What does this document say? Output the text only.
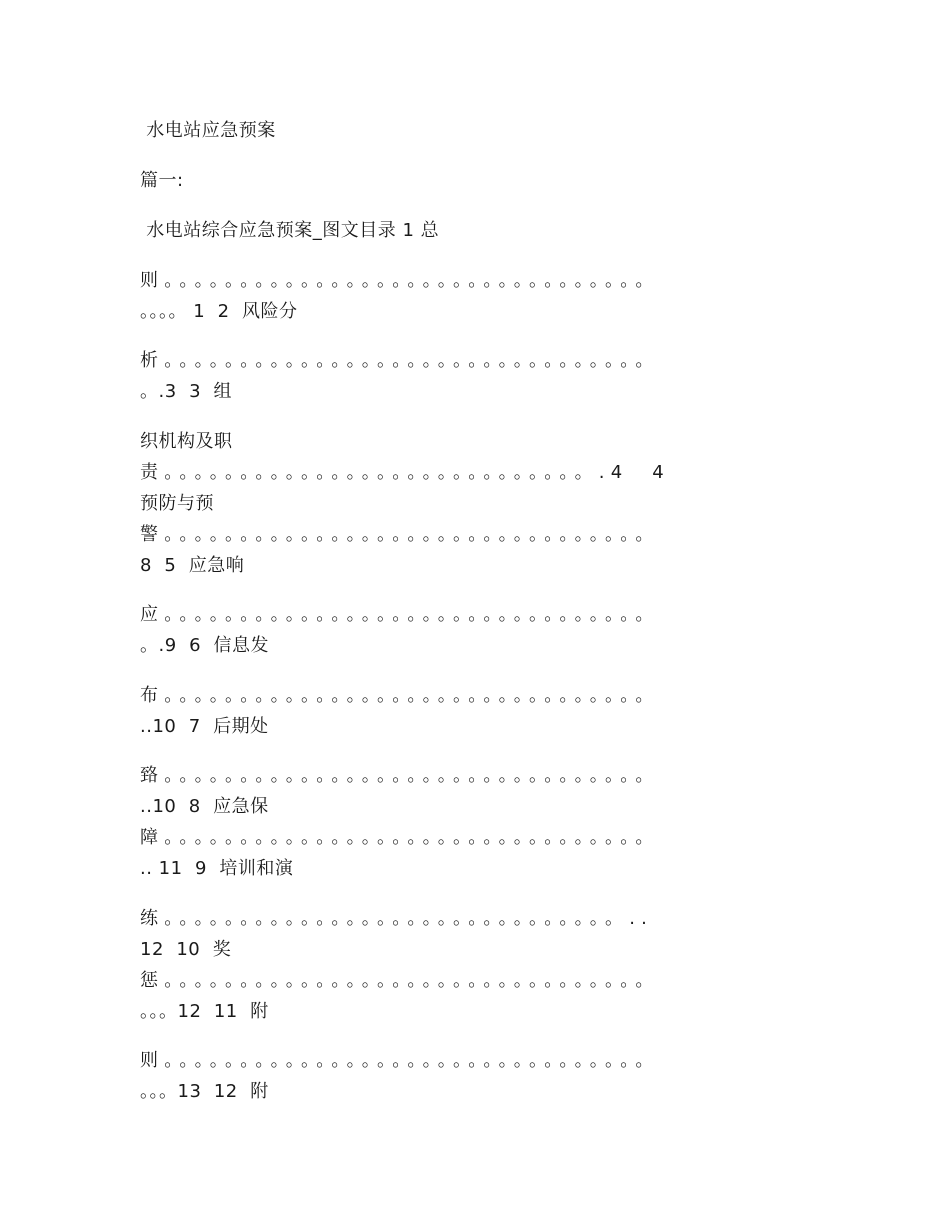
水电站应急预案
篇一:
水电站综合应急预案_图文目录 1 总
则。。。。。。。。。。。。。。。。。。。。。。。。。。。。。。。。
。。。。 1  2  风险分
析。。。。。。。。。。。。。。。。。。。。。。。。。。。。。。。。
。.3  3  组
织机构及职
责。。。。。。。。。。。。。。。。。。。。。。。。。。。。.4  4
预防与预
警。。。。。。。。。。。。。。。。。。。。。。。。。。。。。。。。
8  5  应急响
应。。。。。。。。。。。。。。。。。。。。。。。。。。。。。。。。
。.9  6  信息发
布。。。。。。。。。。。。。。。。。。。。。。。。。。。。。。。。
..10  7  后期处
臵。。。。。。。。。。。。。。。。。。。。。。。。。。。。。。。。
..10  8  应急保
障。。。。。。。。。。。。。。。。。。。。。。。。。。。。。。。。
.. 11  9  培训和演
练。。。。。。。。。。。。。。。。。。。。。。。。。。。。。。..
12  10  奖
惩。。。。。。。。。。。。。。。。。。。。。。。。。。。。。。。。
。。。12  11  附
则。。。。。。。。。。。。。。。。。。。。。。。。。。。。。。。。
。。。13  12  附
